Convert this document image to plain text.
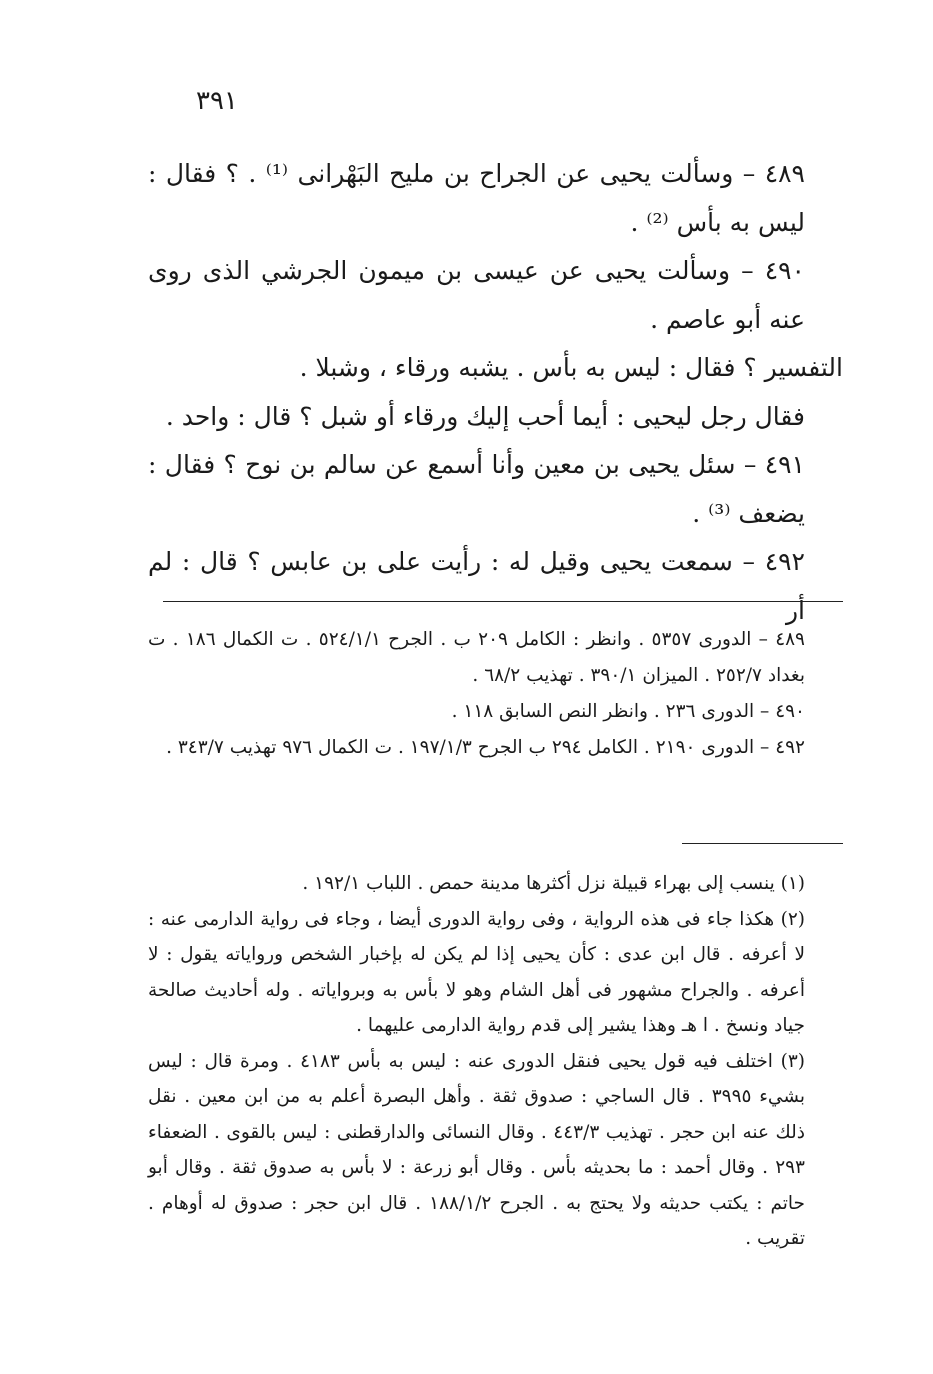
٣٩١

٤٨٩ – وسألت يحيى عن الجراح بن مليح البَهْرانى ⁽¹⁾ . ؟ فقال : ليس به بأس ⁽²⁾ .

٤٩٠ – وسألت يحيى عن عيسى بن ميمون الجرشي الذى روى عنه أبو عاصم .

التفسير ؟ فقال : ليس به بأس . يشبه ورقاء ، وشبلا .

فقال رجل ليحيى : أيما أحب إليك ورقاء أو شبل ؟ قال : واحد .

٤٩١ – سئل يحيى بن معين وأنا أسمع عن سالم بن نوح ؟ فقال : يضعف ⁽³⁾ .

٤٩٢ – سمعت يحيى وقيل له : رأيت على بن عابس ؟ قال : لم أر

٤٨٩ – الدورى ٥٣٥٧ . وانظر : الكامل ٢٠٩ ب . الجرح ٥٢٤/١/١ . ت الكمال ١٨٦ . ت بغداد ٢٥٢/٧ . الميزان ٣٩٠/١ . تهذيب ٦٨/٢ .

٤٩٠ – الدورى ٢٣٦ . وانظر النص السابق ١١٨ .

٤٩٢ – الدورى ٢١٩٠ . الكامل ٢٩٤ ب الجرح ١٩٧/١/٣ . ت الكمال ٩٧٦ تهذيب ٣٤٣/٧ .

(١) ينسب إلى بهراء قبيلة نزل أكثرها مدينة حمص . اللباب ١٩٢/١ .

(٢) هكذا جاء فى هذه الرواية ، وفى رواية الدورى أيضا ، وجاء فى رواية الدارمى عنه : لا أعرفه . قال ابن عدى : كأن يحيى إذا لم يكن له بإخبار الشخص ورواياته يقول : لا أعرفه . والجراح مشهور فى أهل الشام وهو لا بأس به وبرواياته . وله أحاديث صالحة جياد ونسخ . ا هـ وهذا يشير إلى قدم رواية الدارمى عليهما .

(٣) اختلف فيه قول يحيى فنقل الدورى عنه : ليس به بأس ٤١٨٣ . ومرة قال : ليس بشيء ٣٩٩٥ . قال الساجي : صدوق ثقة . وأهل البصرة أعلم به من ابن معين . نقل ذلك عنه ابن حجر . تهذيب ٤٤٣/٣ . وقال النسائى والدارقطنى : ليس بالقوى . الضعفاء ٢٩٣ . وقال أحمد : ما بحديثه بأس . وقال أبو زرعة : لا بأس به صدوق ثقة . وقال أبو حاتم : يكتب حديثه ولا يحتج به . الجرح ١٨٨/١/٢ . قال ابن حجر : صدوق له أوهام . تقريب .
